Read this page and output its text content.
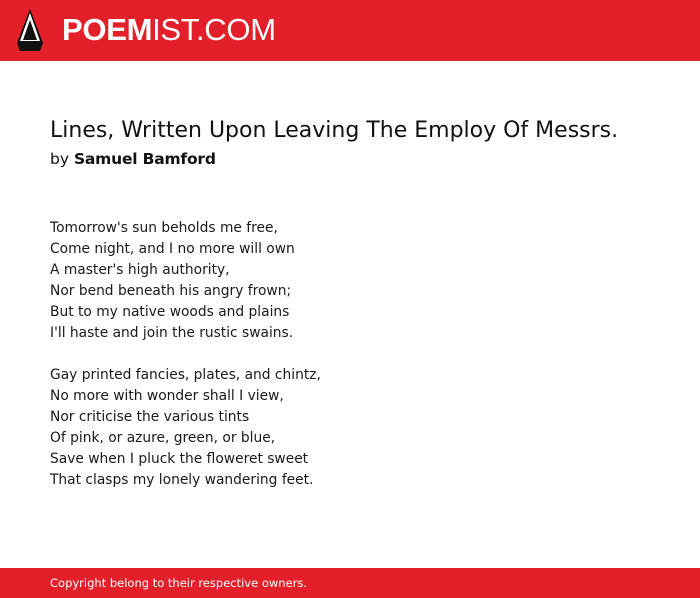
POEMIST.COM
Lines, Written Upon Leaving The Employ Of Messrs.
by Samuel Bamford
Tomorrow's sun beholds me free,
Come night, and I no more will own
A master's high authority,
Nor bend beneath his angry frown;
But to my native woods and plains
I'll haste and join the rustic swains.
Gay printed fancies, plates, and chintz,
No more with wonder shall I view,
Nor criticise the various tints
Of pink, or azure, green, or blue,
Save when I pluck the floweret sweet
That clasps my lonely wandering feet.
Copyright belong to their respective owners.
